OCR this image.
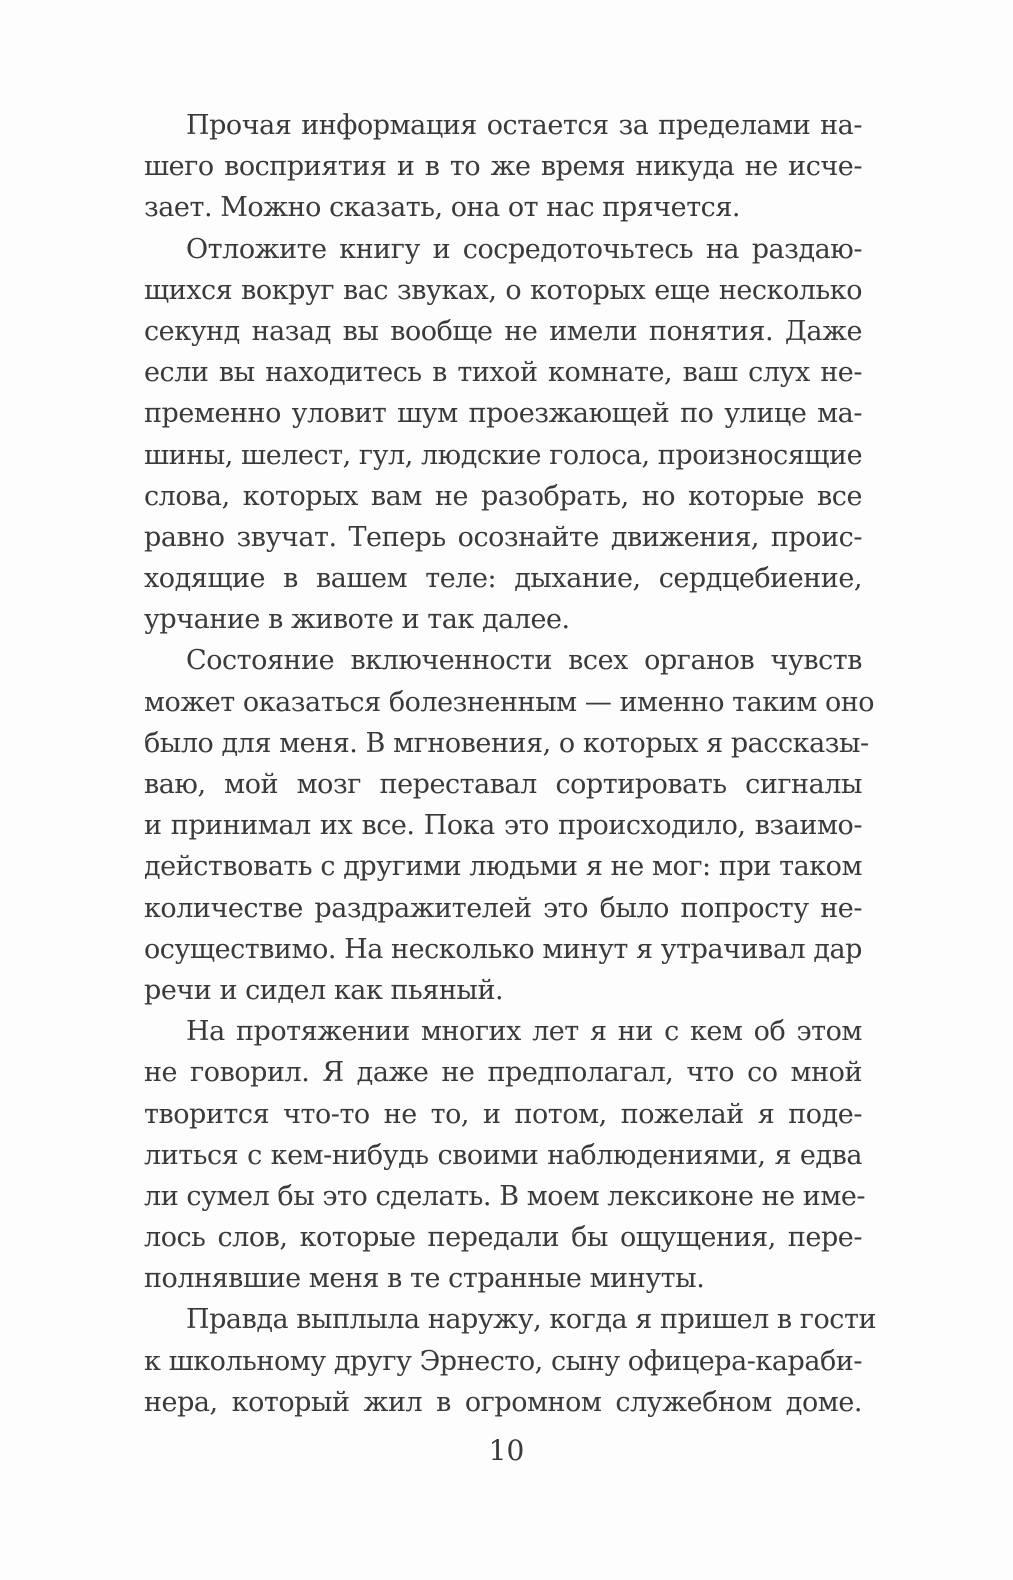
Прочая информация остается за пределами на-
шего восприятия и в то же время никуда не исче-
зает. Можно сказать, она от нас прячется.
Отложите книгу и сосредоточьтесь на раздаю-
щихся вокруг вас звуках, о которых еще несколько
секунд назад вы вообще не имели понятия. Даже
если вы находитесь в тихой комнате, ваш слух не-
пременно уловит шум проезжающей по улице ма-
шины, шелест, гул, людские голоса, произносящие
слова, которых вам не разобрать, но которые все
равно звучат. Теперь осознайте движения, проис-
ходящие в вашем теле: дыхание, сердцебиение,
урчание в животе и так далее.
Состояние включенности всех органов чувств
может оказаться болезненным — именно таким оно
было для меня. В мгновения, о которых я рассказы-
ваю, мой мозг переставал сортировать сигналы
и принимал их все. Пока это происходило, взаимо-
действовать с другими людьми я не мог: при таком
количестве раздражителей это было попросту не-
осуществимо. На несколько минут я утрачивал дар
речи и сидел как пьяный.
На протяжении многих лет я ни с кем об этом
не говорил. Я даже не предполагал, что со мной
творится что-то не то, и потом, пожелай я поде-
литься с кем-нибудь своими наблюдениями, я едва
ли сумел бы это сделать. В моем лексиконе не име-
лось слов, которые передали бы ощущения, пере-
полнявшие меня в те странные минуты.
Правда выплыла наружу, когда я пришел в гости
к школьному другу Эрнесто, сыну офицера-караби-
нера, который жил в огромном служебном доме.
10
